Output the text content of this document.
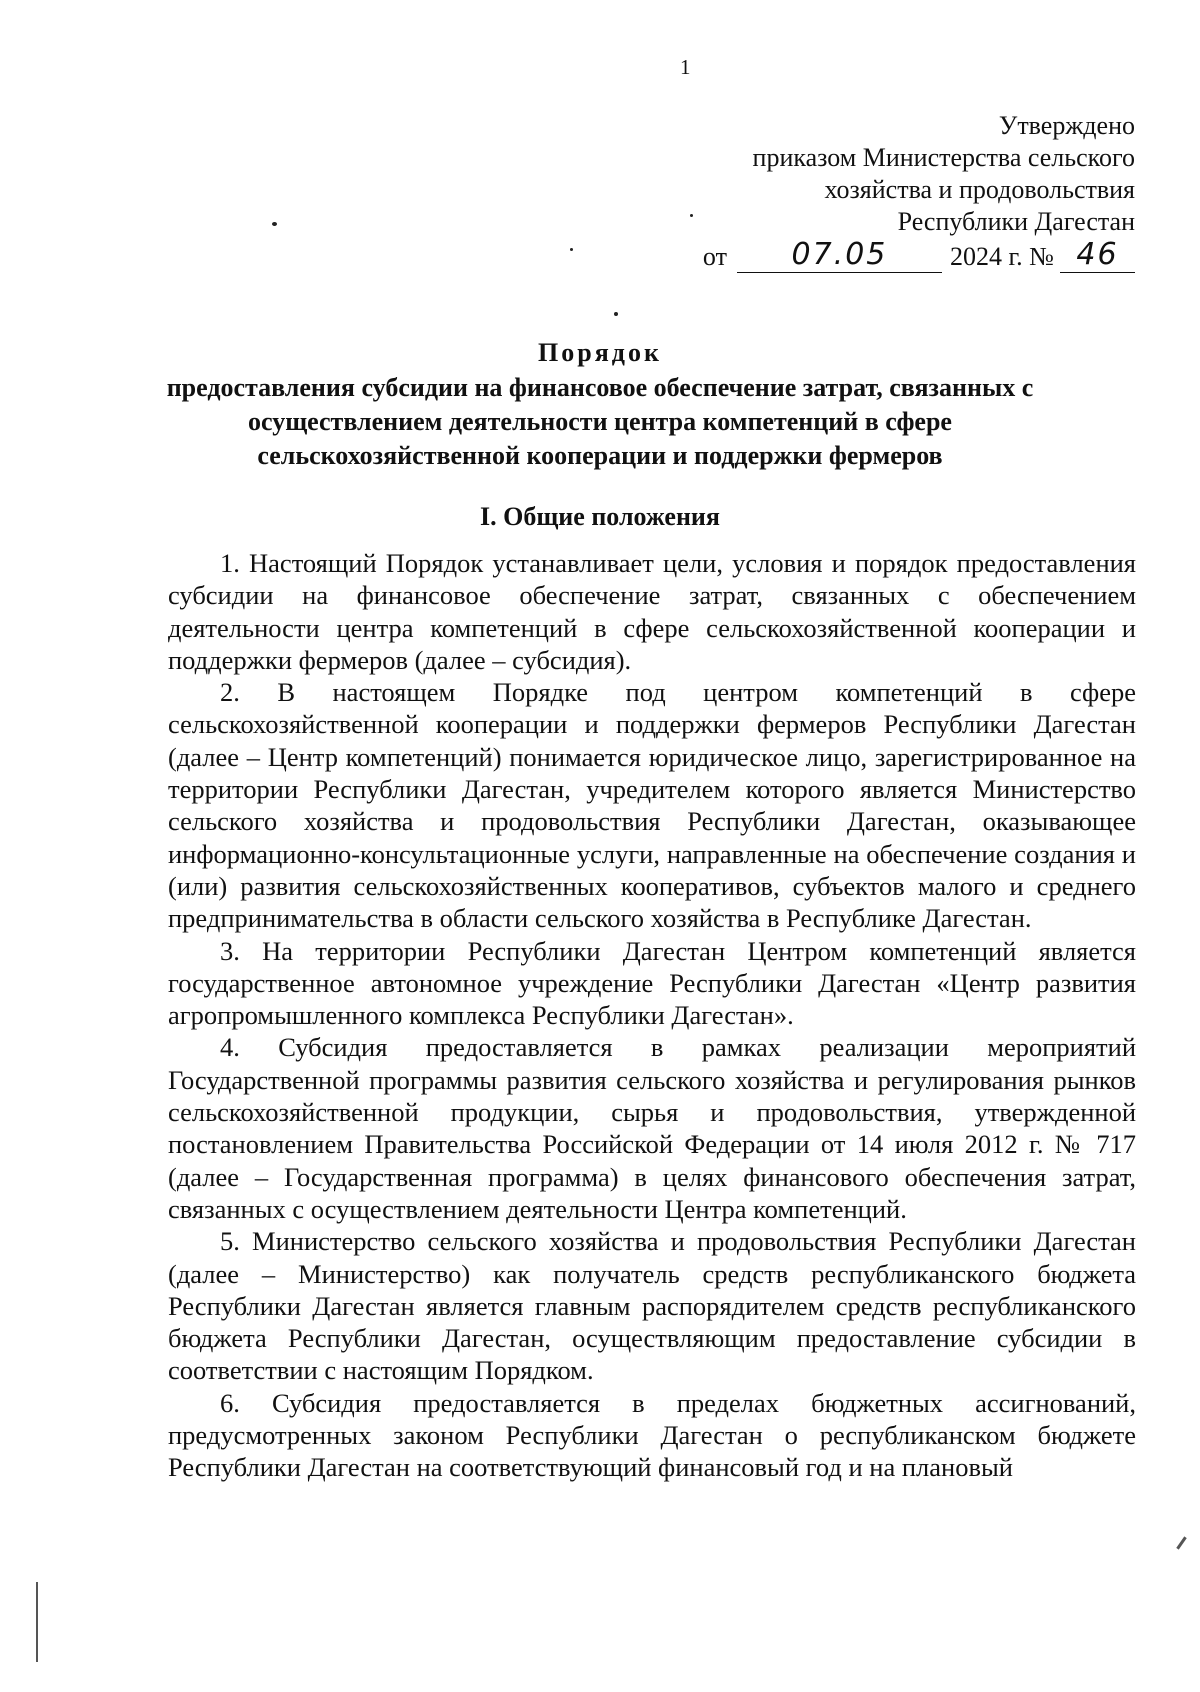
1
Утверждено
приказом Министерства сельского
хозяйства и продовольствия
Республики Дагестан
от	07.05	2024 г. № 46
Порядок
предоставления субсидии на финансовое обеспечение затрат, связанных с
осуществлением деятельности центра компетенций в сфере
сельскохозяйственной кооперации и поддержки фермеров
I. Общие положения

1. Настоящий Порядок устанавливает цели, условия и порядок предоставления субсидии на финансовое обеспечение затрат, связанных с обеспечением деятельности центра компетенций в сфере сельскохозяйственной кооперации и поддержки фермеров (далее – субсидия).

2. В настоящем Порядке под центром компетенций в сфере сельскохозяйственной кооперации и поддержки фермеров Республики Дагестан (далее – Центр компетенций) понимается юридическое лицо, зарегистрированное на территории Республики Дагестан, учредителем которого является Министерство сельского хозяйства и продовольствия Республики Дагестан, оказывающее информационно-консультационные услуги, направленные на обеспечение создания и (или) развития сельскохозяйственных кооперативов, субъектов малого и среднего предпринимательства в области сельского хозяйства в Республике Дагестан.

3. На территории Республики Дагестан Центром компетенций является государственное автономное учреждение Республики Дагестан «Центр развития агропромышленного комплекса Республики Дагестан».

4. Субсидия предоставляется в рамках реализации мероприятий Государственной программы развития сельского хозяйства и регулирования рынков сельскохозяйственной продукции, сырья и продовольствия, утвержденной постановлением Правительства Российской Федерации от 14 июля 2012 г. № 717 (далее – Государственная программа) в целях финансового обеспечения затрат, связанных с осуществлением деятельности Центра компетенций.

5. Министерство сельского хозяйства и продовольствия Республики Дагестан (далее – Министерство) как получатель средств республиканского бюджета Республики Дагестан является главным распорядителем средств республиканского бюджета Республики Дагестан, осуществляющим предоставление субсидии в соответствии с настоящим Порядком.

6. Субсидия предоставляется в пределах бюджетных ассигнований, предусмотренных законом Республики Дагестан о республиканском бюджете Республики Дагестан на соответствующий финансовый год и на плановый
